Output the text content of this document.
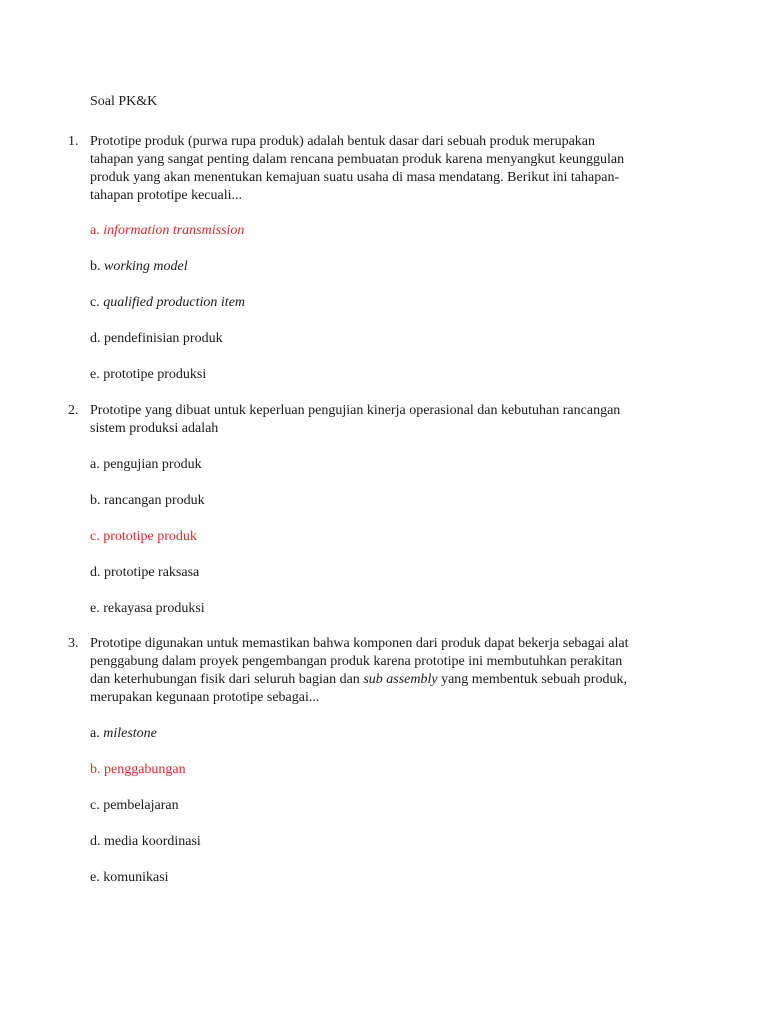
Soal PK&K
1. Prototipe produk (purwa rupa produk) adalah bentuk dasar dari sebuah produk merupakan
tahapan yang sangat penting dalam rencana pembuatan produk karena menyangkut keunggulan
produk yang akan menentukan kemajuan suatu usaha di masa mendatang. Berikut ini tahapan-
tahapan prototipe kecuali...
a. information transmission
b. working model
c. qualified production item
d. pendefinisian produk
e. prototipe produksi
2. Prototipe yang dibuat untuk keperluan pengujian kinerja operasional dan kebutuhan rancangan
sistem produksi adalah
a. pengujian produk
b. rancangan produk
c. prototipe produk
d. prototipe raksasa
e. rekayasa produksi
3. Prototipe digunakan untuk memastikan bahwa komponen dari produk dapat bekerja sebagai alat
penggabung dalam proyek pengembangan produk karena prototipe ini membutuhkan perakitan
dan keterhubungan fisik dari seluruh bagian dan sub assembly yang membentuk sebuah produk,
merupakan kegunaan prototipe sebagai...
a. milestone
b. penggabungan
c. pembelajaran
d. media koordinasi
e. komunikasi
